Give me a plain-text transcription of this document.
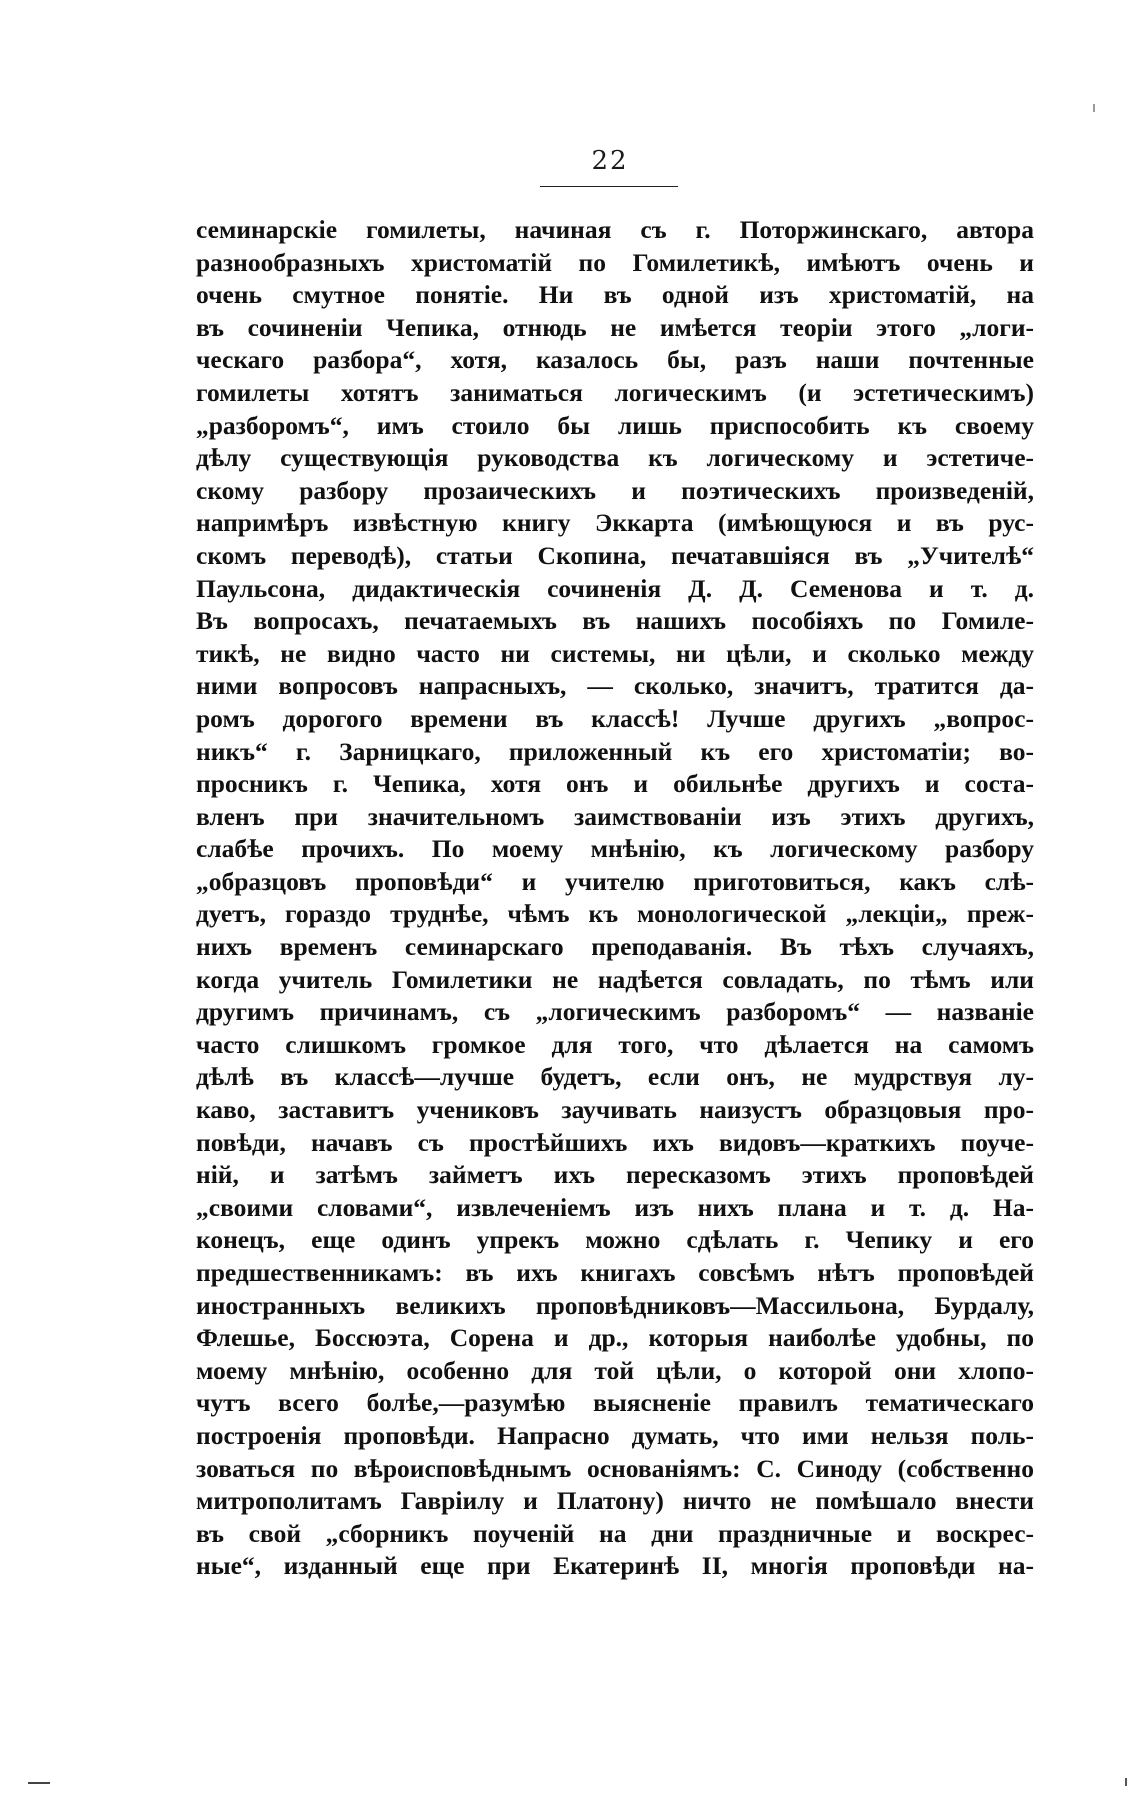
22
семинарскіе гомилеты, начиная съ г. Поторжинскаго, автора
разнообразныхъ христоматій по Гомилетикѣ, имѣютъ очень и
очень смутное понятіе. Ни въ одной изъ христоматій, на
въ сочиненіи Чепика, отнюдь не имѣется теоріи этого „логи-
ческаго разбора“, хотя, казалось бы, разъ наши почтенные
гомилеты хотятъ заниматься логическимъ (и эстетическимъ)
„разборомъ“, имъ стоило бы лишь приспособить къ своему
дѣлу существующія руководства къ логическому и эстетиче-
скому разбору прозаическихъ и поэтическихъ произведеній,
напримѣръ извѣстную книгу Эккарта (имѣющуюся и въ рус-
скомъ переводѣ), статьи Скопина, печатавшіяся въ „Учителѣ“
Паульсона, дидактическія сочиненія Д. Д. Семенова и т. д.
Въ вопросахъ, печатаемыхъ въ нашихъ пособіяхъ по Гомиле-
тикѣ, не видно часто ни системы, ни цѣли, и сколько между
ними вопросовъ напрасныхъ, — сколько, значитъ, тратится да-
ромъ дорогого времени въ классѣ! Лучше другихъ „вопрос-
никъ“ г. Зарницкаго, приложенный къ его христоматіи; во-
просникъ г. Чепика, хотя онъ и обильнѣе другихъ и соста-
вленъ при значительномъ заимствованіи изъ этихъ другихъ,
слабѣе прочихъ. По моему мнѣнію, къ логическому разбору
„образцовъ проповѣди“ и учителю приготовиться, какъ слѣ-
дуетъ, гораздо труднѣе, чѣмъ къ монологической „лекціи„ преж-
нихъ временъ семинарскаго преподаванія. Въ тѣхъ случаяхъ,
когда учитель Гомилетики не надѣется совладать, по тѣмъ или
другимъ причинамъ, съ „логическимъ разборомъ“ — названіе
часто слишкомъ громкое для того, что дѣлается на самомъ
дѣлѣ въ классѣ—лучше будетъ, если онъ, не мудрствуя лу-
каво, заставитъ учениковъ заучивать наизустъ образцовыя про-
повѣди, начавъ съ простѣйшихъ ихъ видовъ—краткихъ поуче-
ній, и затѣмъ займетъ ихъ пересказомъ этихъ проповѣдей
„своими словами“, извлеченіемъ изъ нихъ плана и т. д. На-
конецъ, еще одинъ упрекъ можно сдѣлать г. Чепику и его
предшественникамъ: въ ихъ книгахъ совсѣмъ нѣтъ проповѣдей
иностранныхъ великихъ проповѣдниковъ—Массильона, Бурдалу,
Флешье, Боссюэта, Сорена и др., которыя наиболѣе удобны, по
моему мнѣнію, особенно для той цѣли, о которой они хлопо-
чутъ всего болѣе,—разумѣю выясненіе правилъ тематическаго
построенія проповѣди. Напрасно думать, что ими нельзя поль-
зоваться по вѣроисповѣднымъ основаніямъ: С. Синоду (собственно
митрополитамъ Гавріилу и Платону) ничто не помѣшало внести
въ свой „сборникъ поученій на дни праздничные и воскрес-
ные“, изданный еще при Екатеринѣ II, многія проповѣди на-
